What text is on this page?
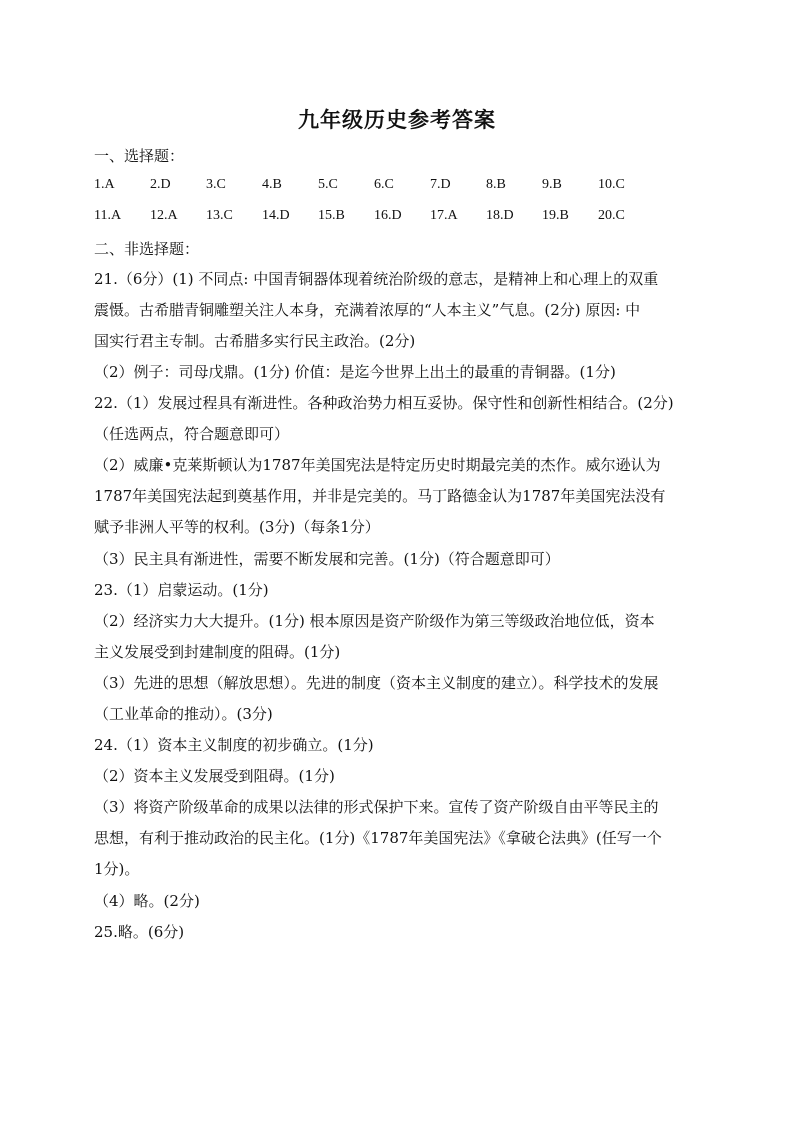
九年级历史参考答案
一、选择题：
1.A	2.D	3.C	4.B	5.C	6.C	7.D	8.B	9.B	10.C
11.A 12.A 13.C 14.D 15.B 16.D 17.A 18.D 19.B 20.C
二、非选择题：
21.（6分）(1) 不同点: 中国青铜器体现着统治阶级的意志，是精神上和心理上的双重
震慑。古希腊青铜雕塑关注人本身，充满着浓厚的“人本主义”气息。(2分) 原因: 中
国实行君主专制。古希腊多实行民主政治。(2分)
（2）例子：司母戊鼎。(1分) 价值：是迄今世界上出土的最重的青铜器。(1分)
22.（1）发展过程具有渐进性。各种政治势力相互妥协。保守性和创新性相结合。(2分)
（任选两点，符合题意即可）
（2）威廉•克莱斯顿认为1787年美国宪法是特定历史时期最完美的杰作。威尔逊认为
1787年美国宪法起到奠基作用，并非是完美的。马丁路德金认为1787年美国宪法没有
赋予非洲人平等的权利。(3分)（每条1分）
（3）民主具有渐进性，需要不断发展和完善。(1分)（符合题意即可）
23.（1）启蒙运动。(1分)
（2）经济实力大大提升。(1分) 根本原因是资产阶级作为第三等级政治地位低，资本
主义发展受到封建制度的阻碍。(1分)
（3）先进的思想（解放思想）。先进的制度（资本主义制度的建立）。科学技术的发展
（工业革命的推动）。(3分)
24.（1）资本主义制度的初步确立。(1分)
（2）资本主义发展受到阻碍。(1分)
（3）将资产阶级革命的成果以法律的形式保护下来。宣传了资产阶级自由平等民主的
思想，有利于推动政治的民主化。(1分)《1787年美国宪法》《拿破仑法典》(任写一个
1分)。
（4）略。(2分)
25.略。(6分)
